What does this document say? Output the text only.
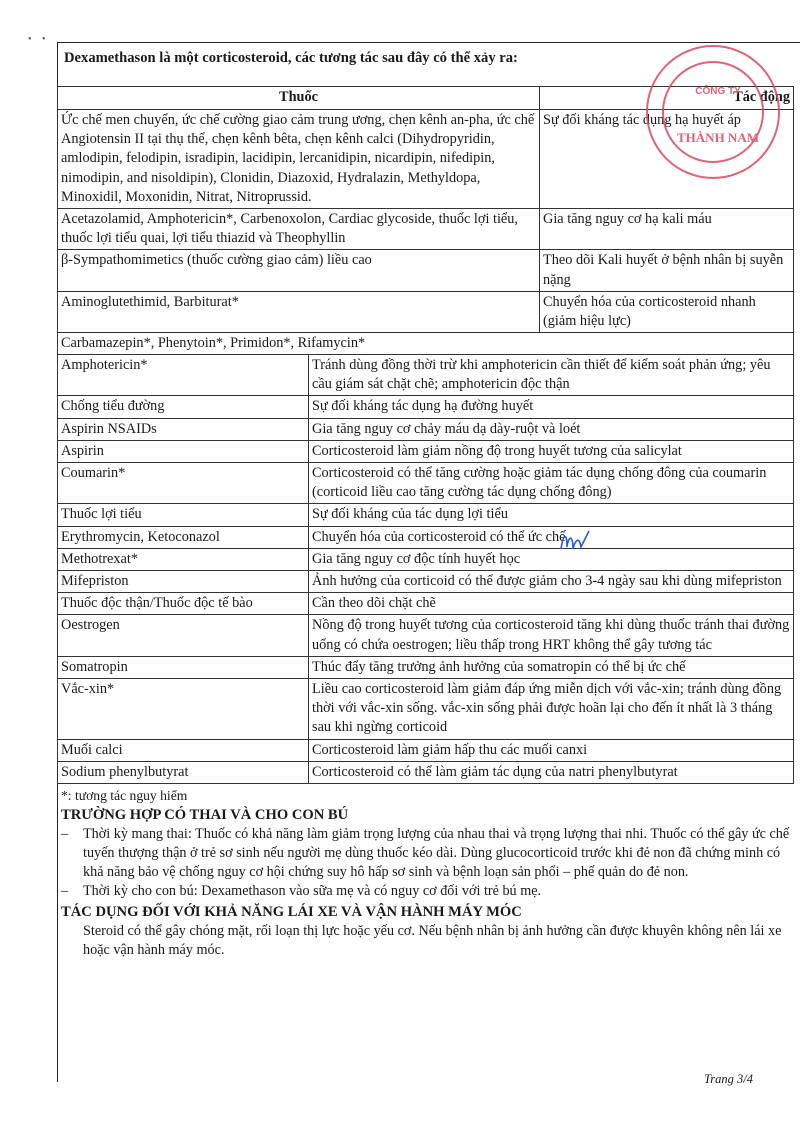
• •
Dexamethason là một corticosteroid, các tương tác sau đây có thể xảy ra:
Thuốc	Tác động
Ức chế men chuyển, ức chế cường giao cảm trung ương, chẹn kênh an-pha, ức chế Angiotensin II tại thụ thể, chẹn kênh bêta, chẹn kênh calci (Dihydropyridin, amlodipin, felodipin, isradipin, lacidipin, lercanidipin, nicardipin, nifedipin, nimodipin, and nisoldipin), Clonidin, Diazoxid, Hydralazin, Methyldopa, Minoxidil, Moxonidin, Nitrat, Nitroprussid.	Sự đối kháng tác dụng hạ huyết áp
Acetazolamid, Amphotericin*, Carbenoxolon, Cardiac glycoside, thuốc lợi tiểu, thuốc lợi tiểu quai, lợi tiểu thiazid và Theophyllin	Gia tăng nguy cơ hạ kali máu
β-Sympathomimetics (thuốc cường giao cảm) liều cao	Theo dõi Kali huyết ở bệnh nhân bị suyễn nặng
Aminoglutethimid, Barbiturat*	Chuyển hóa của corticosteroid nhanh (giảm hiệu lực)
Carbamazepin*, Phenytoin*, Primidon*, Rifamycin*	
*: tương tác nguy hiểm
TRƯỜNG HỢP CÓ THAI VÀ CHO CON BÚ
– Thời kỳ mang thai: Thuốc có khả năng làm giảm trọng lượng của nhau thai và trọng lượng thai nhi. Thuốc có thể gây ức chế tuyến thượng thận ở trẻ sơ sinh nếu người mẹ dùng thuốc kéo dài. Dùng glucocorticoid trước khi đẻ non đã chứng minh có khả năng bảo vệ chống nguy cơ hội chứng suy hô hấp sơ sinh và bệnh loạn sản phổi – phế quản do đẻ non.
– Thời kỳ cho con bú: Dexamethason vào sữa mẹ và có nguy cơ đối với trẻ bú mẹ.
TÁC DỤNG ĐỐI VỚI KHẢ NĂNG LÁI XE VÀ VẬN HÀNH MÁY MÓC
Steroid có thể gây chóng mặt, rối loạn thị lực hoặc yếu cơ. Nếu bệnh nhân bị ảnh hưởng cần được khuyên không nên lái xe hoặc vận hành máy móc.
Amphotericin*	Tránh dùng đồng thời trừ khi amphotericin cần thiết để kiểm soát phản ứng; yêu cầu giám sát chặt chẽ; amphotericin độc thận
Chống tiểu đường	Sự đối kháng tác dụng hạ đường huyết
Aspirin NSAIDs	Gia tăng nguy cơ chảy máu dạ dày-ruột và loét
Aspirin	Corticosteroid làm giảm nồng độ trong huyết tương của salicylat
Coumarin*	Corticosteroid có thể tăng cường hoặc giảm tác dụng chống đông của coumarin (corticoid liều cao tăng cường tác dụng chống đông)
Thuốc lợi tiểu	Sự đối kháng của tác dụng lợi tiểu
Erythromycin, Ketoconazol	Chuyển hóa của corticosteroid có thể ức chế
Methotrexat*	Gia tăng nguy cơ độc tính huyết học
Mifepriston	Ảnh hưởng của corticoid có thể được giảm cho 3-4 ngày sau khi dùng mifepriston
Thuốc độc thận/Thuốc độc tế bào	Cần theo dõi chặt chẽ
Oestrogen	Nồng độ trong huyết tương của corticosteroid tăng khi dùng thuốc tránh thai đường uống có chứa oestrogen; liều thấp trong HRT không thể gây tương tác
Somatropin	Thúc đẩy tăng trưởng ảnh hưởng của somatropin có thể bị ức chế
Vắc-xin*	Liều cao corticosteroid làm giảm đáp ứng miễn dịch với vắc-xin; tránh dùng đồng thời với vắc-xin sống. vắc-xin sống phải được hoãn lại cho đến ít nhất là 3 tháng sau khi ngừng corticoid
Muối calci	Corticosteroid làm giảm hấp thu các muối canxi
Sodium phenylbutyrat	Corticosteroid có thể làm giảm tác dụng của natri phenylbutyrat
Trang 3/4
CÔNG TY
THÀNH NAM
